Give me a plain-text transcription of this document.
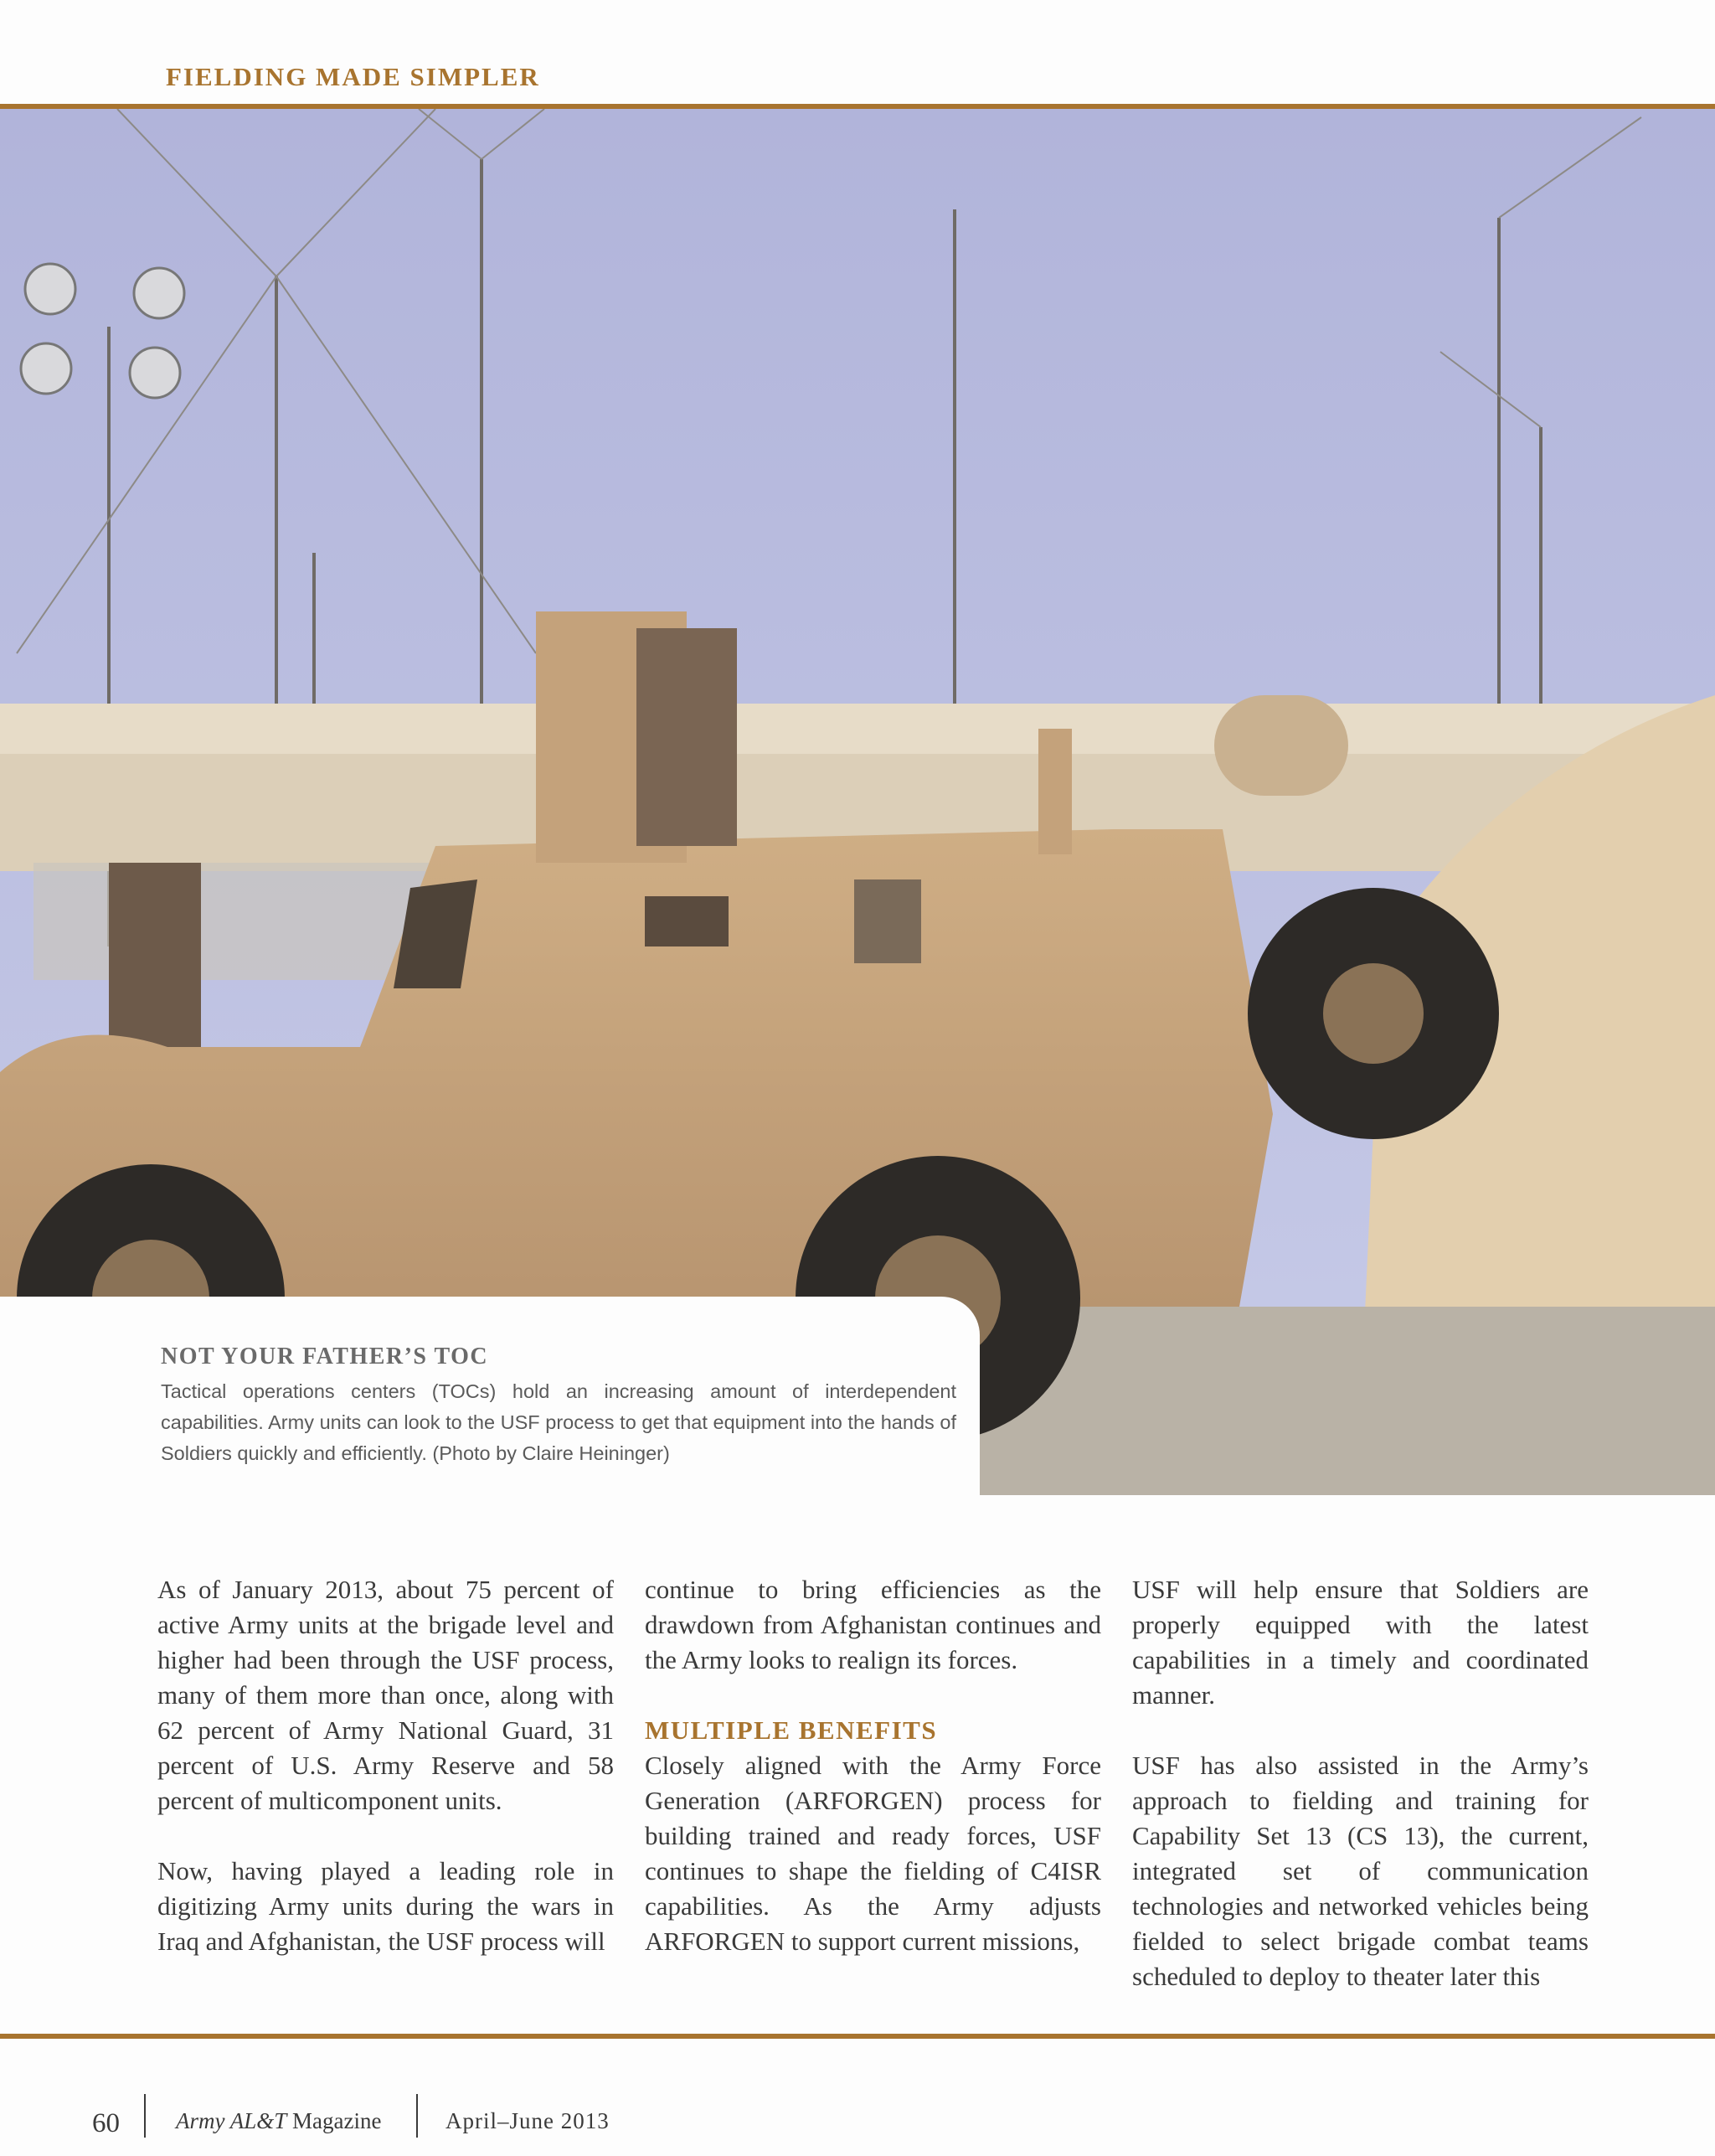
FIELDING MADE SIMPLER
NOT YOUR FATHER’S TOC
Tactical operations centers (TOCs) hold an increasing amount of interdependent capabilities. Army units can look to the USF process to get that equipment into the hands of Soldiers quickly and efficiently. (Photo by Claire Heininger)

As of January 2013, about 75 percent of active Army units at the brigade level and higher had been through the USF process, many of them more than once, along with 62 percent of Army National Guard, 31 percent of U.S. Army Reserve and 58 percent of multicomponent units.

Now, having played a leading role in digitizing Army units during the wars in Iraq and Afghanistan, the USF process will

continue to bring efficiencies as the drawdown from Afghanistan continues and the Army looks to realign its forces.

MULTIPLE BENEFITS

Closely aligned with the Army Force Generation (ARFORGEN) process for building trained and ready forces, USF continues to shape the fielding of C4ISR capabilities. As the Army adjusts ARFORGEN to support current missions,

USF will help ensure that Soldiers are properly equipped with the latest capabilities in a timely and coordinated manner.

USF has also assisted in the Army’s approach to fielding and training for Capability Set 13 (CS 13), the current, integrated set of communication technologies and networked vehicles being fielded to select brigade combat teams scheduled to deploy to theater later this

60 Army AL&T Magazine	April–June 2013
